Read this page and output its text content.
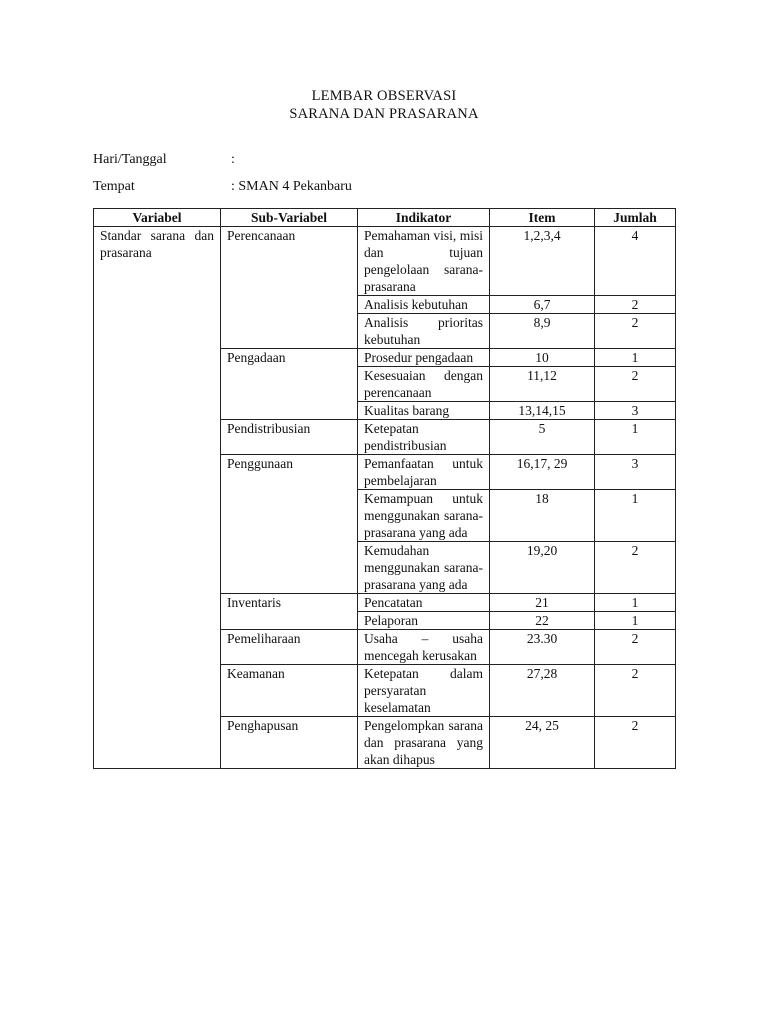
LEMBAR OBSERVASI
SARANA DAN PRASARANA
Hari/Tanggal	:
Tempat	: SMAN 4 Pekanbaru
Variabel	Sub-Variabel	Indikator	Item	Jumlah
Standar sarana dan prasarana	Perencanaan	Pemahaman visi, misi dan tujuan pengelolaan sarana-prasarana	1,2,3,4	4
		Analisis kebutuhan	6,7	2
		Analisis prioritas kebutuhan	8,9	2
	Pengadaan	Prosedur pengadaan	10	1
		Kesesuaian dengan perencanaan	11,12	2
		Kualitas barang	13,14,15	3
	Pendistribusian	Ketepatan pendistribusian	5	1
	Penggunaan	Pemanfaatan untuk pembelajaran	16,17, 29	3
		Kemampuan untuk menggunakan sarana-prasarana yang ada	18	1
		Kemudahan menggunakan sarana-prasarana yang ada	19,20	2
	Inventaris	Pencatatan	21	1
		Pelaporan	22	1
	Pemeliharaan	Usaha – usaha mencegah kerusakan	23.30	2
	Keamanan	Ketepatan dalam persyaratan keselamatan	27,28	2
	Penghapusan	Pengelompkan sarana dan prasarana yang akan dihapus	24, 25	2
